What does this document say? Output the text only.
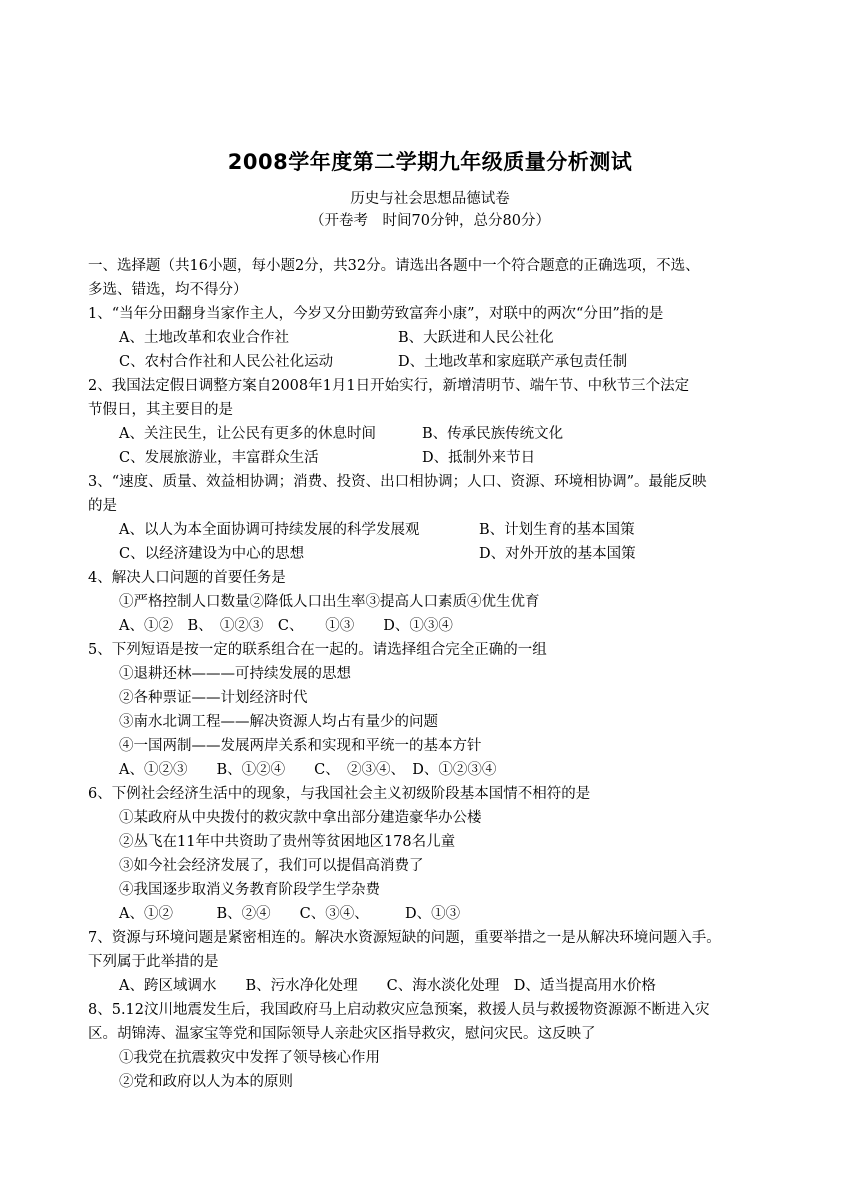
2008学年度第二学期九年级质量分析测试
历史与社会思想品德试卷
（开卷考　时间70分钟，总分80分）
一、选择题（共16小题，每小题2分，共32分。请选出各题中一个符合题意的正确选项，不选、
多选、错选，均不得分）
1、“当年分田翻身当家作主人，今岁又分田勤劳致富奔小康”，对联中的两次“分田”指的是
A、土地改革和农业合作社	B、大跃进和人民公社化
C、农村合作社和人民公社化运动	D、土地改革和家庭联产承包责任制
2、我国法定假日调整方案自2008年1月1日开始实行，新增清明节、端午节、中秋节三个法定
节假日，其主要目的是
A、关注民生，让公民有更多的休息时间	B、传承民族传统文化
C、发展旅游业，丰富群众生活	D、抵制外来节日
3、“速度、质量、效益相协调；消费、投资、出口相协调；人口、资源、环境相协调”。最能反映
的是
A、以人为本全面协调可持续发展的科学发展观	B、计划生育的基本国策
C、以经济建设为中心的思想	D、对外开放的基本国策
4、解决人口问题的首要任务是
①严格控制人口数量②降低人口出生率③提高人口素质④优生优育
A、①②　B、　①②③　C、　　①③　　D、①③④
5、下列短语是按一定的联系组合在一起的。请选择组合完全正确的一组
①退耕还林———可持续发展的思想
②各种票证——计划经济时代
③南水北调工程——解决资源人均占有量少的问题
④一国两制——发展两岸关系和实现和平统一的基本方针
A、①②③　　B、①②④　　C、　②③④、　D、①②③④
6、下例社会经济生活中的现象，与我国社会主义初级阶段基本国情不相符的是
①某政府从中央拨付的救灾款中拿出部分建造豪华办公楼
②丛飞在11年中共资助了贵州等贫困地区178名儿童
③如今社会经济发展了，我们可以提倡高消费了
④我国逐步取消义务教育阶段学生学杂费
A、①②　　　B、②④　　C、③④、　　　D、①③
7、资源与环境问题是紧密相连的。解决水资源短缺的问题，重要举措之一是从解决环境问题入手。
下列属于此举措的是
A、跨区域调水　　B、污水净化处理　　C、海水淡化处理　D、适当提高用水价格
8、5.12汶川地震发生后，我国政府马上启动救灾应急预案，救援人员与救援物资源源不断进入灾
区。胡锦涛、温家宝等党和国际领导人亲赴灾区指导救灾，慰问灾民。这反映了
①我党在抗震救灾中发挥了领导核心作用
②党和政府以人为本的原则
